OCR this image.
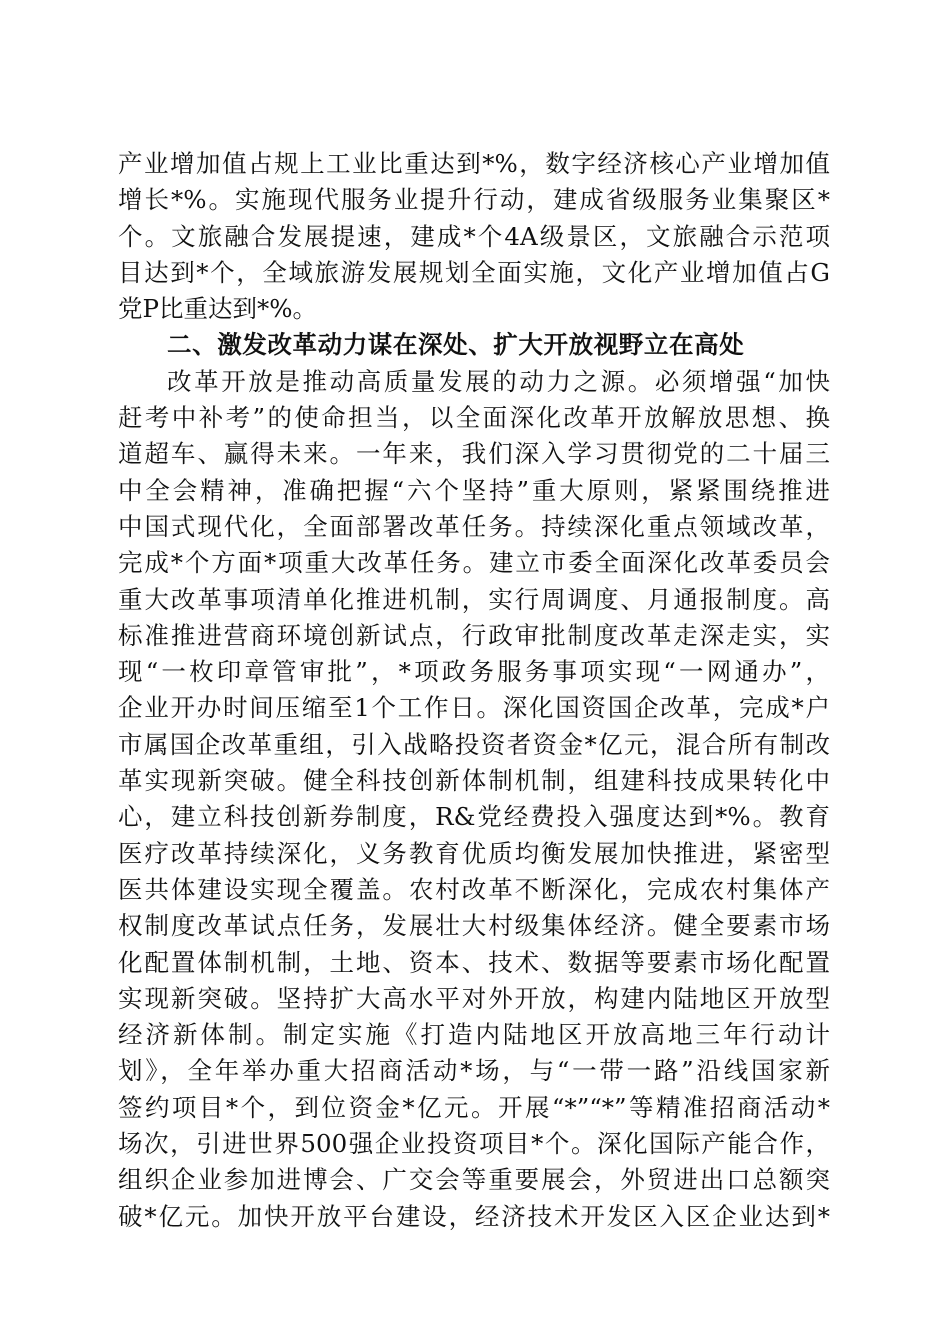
产业增加值占规上工业比重达到*%，数字经济核心产业增加值
增长*%。实施现代服务业提升行动，建成省级服务业集聚区*
个。文旅融合发展提速，建成*个4A级景区，文旅融合示范项
目达到*个，全域旅游发展规划全面实施，文化产业增加值占G
党P比重达到*%。
二、激发改革动力谋在深处、扩大开放视野立在高处
改革开放是推动高质量发展的动力之源。必须增强“加快
赶考中补考”的使命担当，以全面深化改革开放解放思想、换
道超车、赢得未来。一年来，我们深入学习贯彻党的二十届三
中全会精神，准确把握“六个坚持”重大原则，紧紧围绕推进
中国式现代化，全面部署改革任务。持续深化重点领域改革，
完成*个方面*项重大改革任务。建立市委全面深化改革委员会
重大改革事项清单化推进机制，实行周调度、月通报制度。高
标准推进营商环境创新试点，行政审批制度改革走深走实，实
现“一枚印章管审批”，*项政务服务事项实现“一网通办”，
企业开办时间压缩至1个工作日。深化国资国企改革，完成*户
市属国企改革重组，引入战略投资者资金*亿元，混合所有制改
革实现新突破。健全科技创新体制机制，组建科技成果转化中
心，建立科技创新券制度，R&党经费投入强度达到*%。教育
医疗改革持续深化，义务教育优质均衡发展加快推进，紧密型
医共体建设实现全覆盖。农村改革不断深化，完成农村集体产
权制度改革试点任务，发展壮大村级集体经济。健全要素市场
化配置体制机制，土地、资本、技术、数据等要素市场化配置
实现新突破。坚持扩大高水平对外开放，构建内陆地区开放型
经济新体制。制定实施《打造内陆地区开放高地三年行动计
划》，全年举办重大招商活动*场，与“一带一路”沿线国家新
签约项目*个，到位资金*亿元。开展“*”“*”等精准招商活动*
场次，引进世界500强企业投资项目*个。深化国际产能合作，
组织企业参加进博会、广交会等重要展会，外贸进出口总额突
破*亿元。加快开放平台建设，经济技术开发区入区企业达到*
